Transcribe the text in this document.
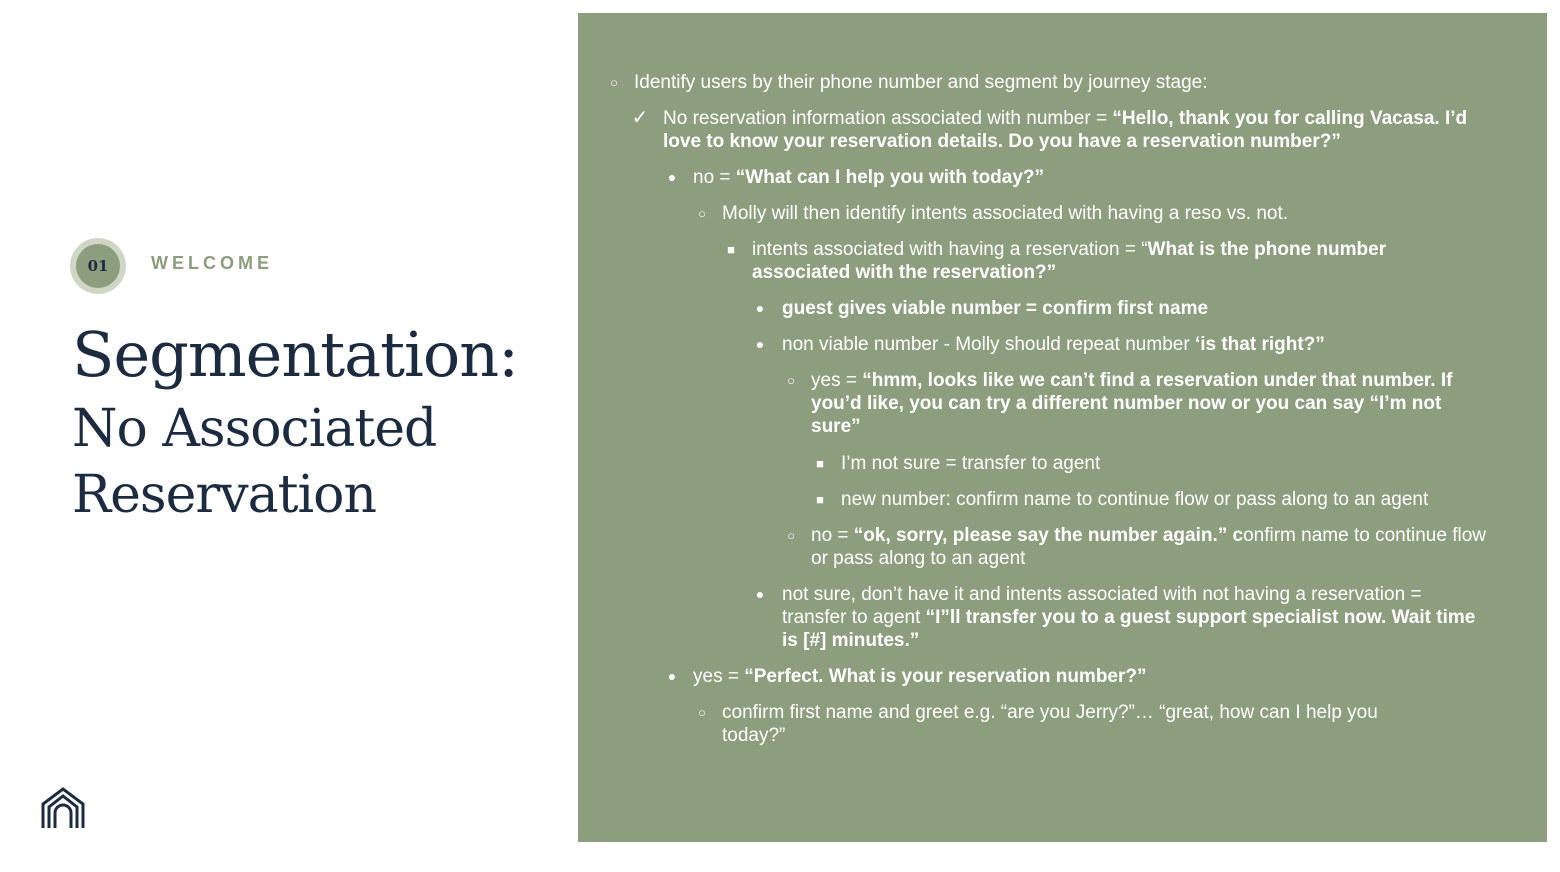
01	WELCOME
Segmentation:
No Associated Reservation
○ Identify users by their phone number and segment by journey stage:
✓ No reservation information associated with number = “Hello, thank you for calling Vacasa. I’d love to know your reservation details. Do you have a reservation number?”
● no = “What can I help you with today?”
○ Molly will then identify intents associated with having a reso vs. not.
■ intents associated with having a reservation = “What is the phone number associated with the reservation?”
● guest gives viable number = confirm first name
● non viable number - Molly should repeat number ‘is that right?”
○ yes = “hmm, looks like we can’t find a reservation under that number. If you’d like, you can try a different number now or you can say “I’m not sure”
■ I’m not sure = transfer to agent
■ new number: confirm name to continue flow or pass along to an agent
○ no = “ok, sorry, please say the number again.” confirm name to continue flow or pass along to an agent
● not sure, don’t have it and intents associated with not having a reservation = transfer to agent “I”ll transfer you to a guest support specialist now. Wait time is [#] minutes.”
● yes = “Perfect. What is your reservation number?”
○ confirm first name and greet e.g. “are you Jerry?”… “great, how can I help you today?”
